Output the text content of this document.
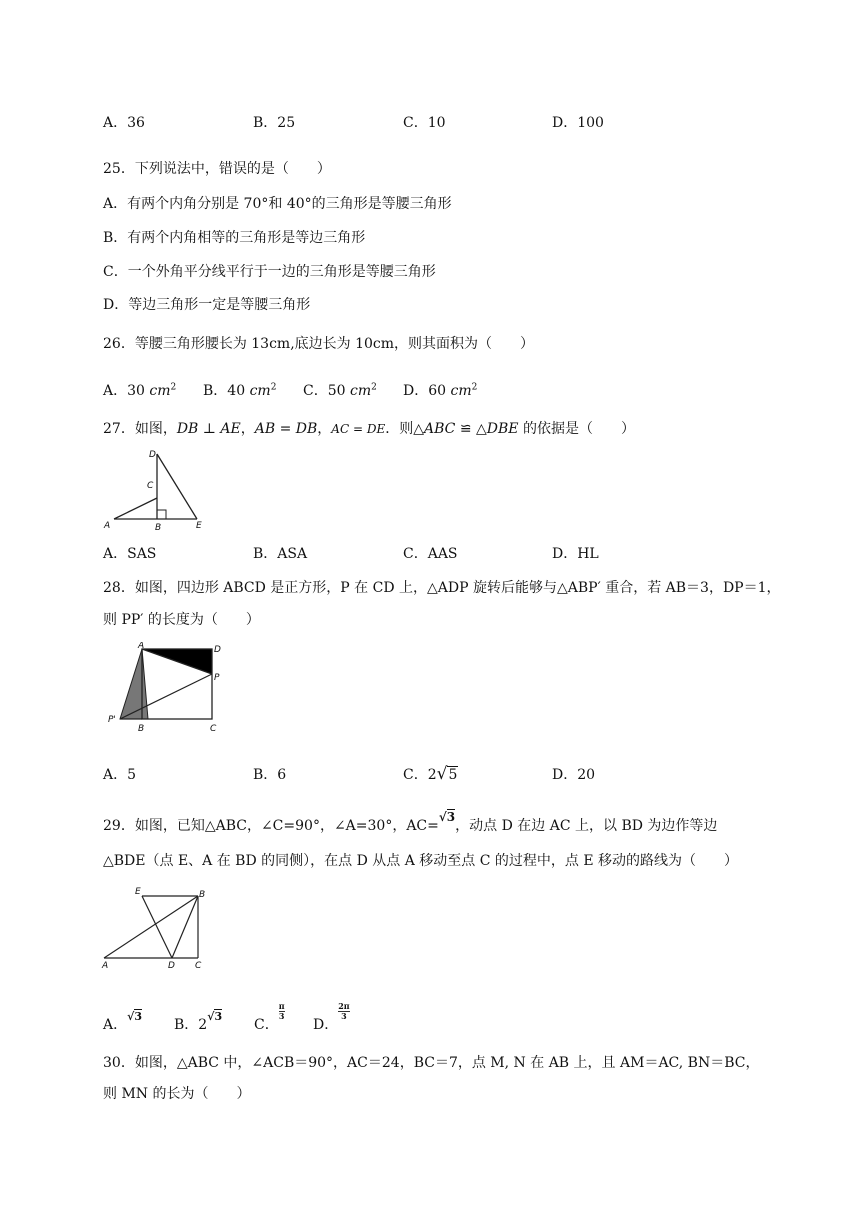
A．36	B．25	C．10	D．100
25．下列说法中，错误的是（　　）
A．有两个内角分别是 70°和 40°的三角形是等腰三角形
B．有两个内角相等的三角形是等边三角形
C．一个外角平分线平行于一边的三角形是等腰三角形
D．等边三角形一定是等腰三角形
26．等腰三角形腰长为 13cm,底边长为 10cm，则其面积为（　　）
A．30 $cm^2$ B．40 $cm^2$ C．50 $cm^2$ D．60 $cm^2$
27．如图，DB ⊥ AE，AB = DB，AC = DE．则△ABC ≌ △DBE 的依据是（　　）
D
C
A	B	E
A．SAS	B．ASA	C．AAS	D．HL
28．如图，四边形 ABCD 是正方形，P 在 CD 上，△ADP 旋转后能够与△ABP′ 重合，若 AB＝3，DP＝1，
则 PP′ 的长度为（　　）
A	D
P
P'
B	C
A．5	B．6	C．2√5	D．20
29．如图，已知△ABC，∠C=90°，∠A=30°，AC=√3，动点 D 在边 AC 上，以 BD 为边作等边
△BDE（点 E、A 在 BD 的同侧），在点 D 从点 A 移动至点 C 的过程中，点 E 移动的路线为（　　）
E	B
A	D C
A．$^{√3}$
B．$2^{√3}$
C．$\frac{\pi}{3}$
D．$\frac{2\pi}{3}$
30．如图，△ABC 中，∠ACB＝90°，AC＝24，BC＝7，点 M, N 在 AB 上，且 AM＝AC, BN＝BC，
则 MN 的长为（　　）
